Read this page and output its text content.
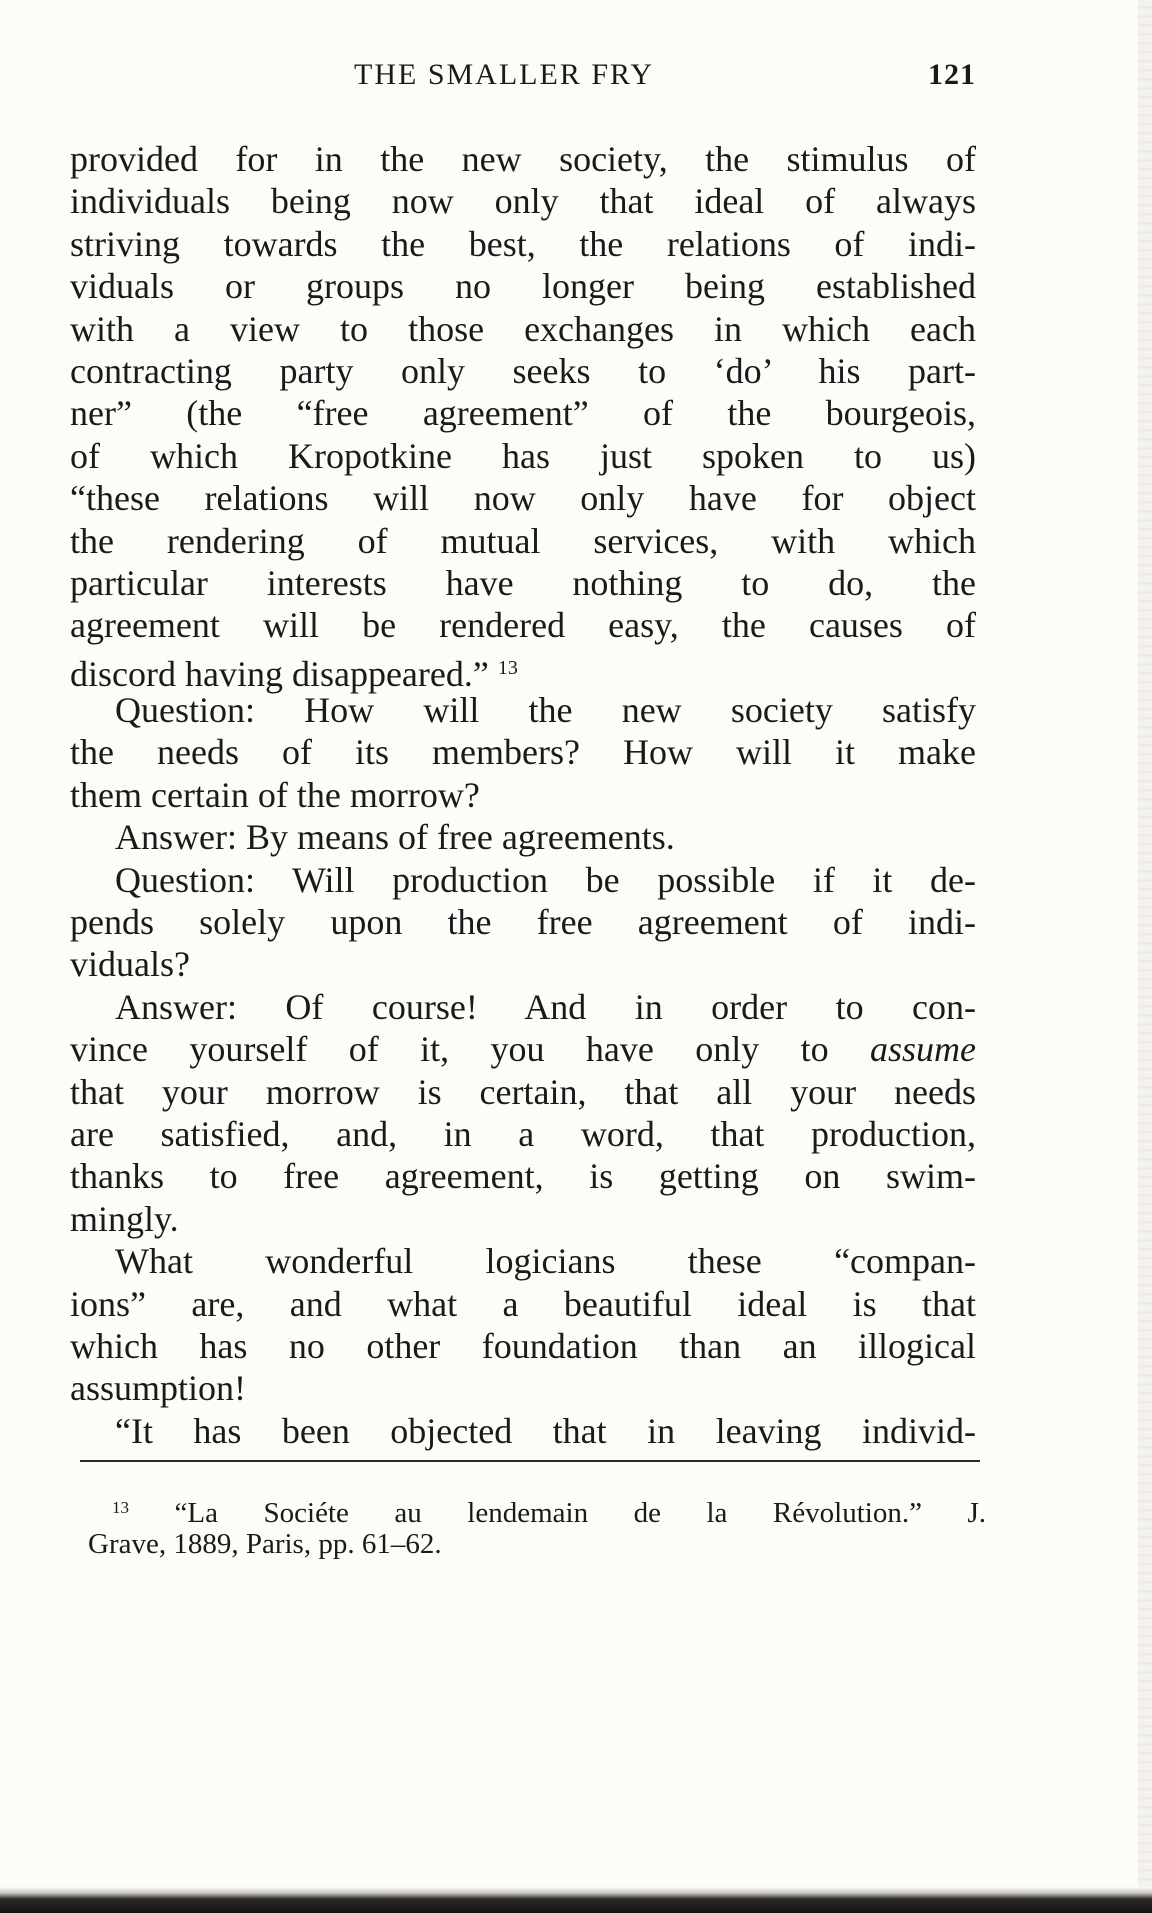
THE SMALLER FRY	121
provided for in the new society, the stimulus of
individuals being now only that ideal of always
striving towards the best, the relations of indi-
viduals or groups no longer being established
with a view to those exchanges in which each
contracting party only seeks to ‘do’ his part-
ner” (the “free agreement” of the bourgeois,
of which Kropotkine has just spoken to us)
“these relations will now only have for object
the rendering of mutual services, with which
particular interests have nothing to do, the
agreement will be rendered easy, the causes of
discord having disappeared.” $^{13}$
Question: How will the new society satisfy
the needs of its members? How will it make
them certain of the morrow?
Answer: By means of free agreements.
Question: Will production be possible if it de-
pends solely upon the free agreement of indi-
viduals?
Answer: Of course! And in order to con-
vince yourself of it, you have only to assume
that your morrow is certain, that all your needs
are satisfied, and, in a word, that production,
thanks to free agreement, is getting on swim-
mingly.
What wonderful logicians these “compan-
ions” are, and what a beautiful ideal is that
which has no other foundation than an illogical
assumption!
“It has been objected that in leaving individ-
$^{13}$ “La Sociéte au lendemain de la Révolution.” J.
Grave, 1889, Paris, pp. 61–62.
